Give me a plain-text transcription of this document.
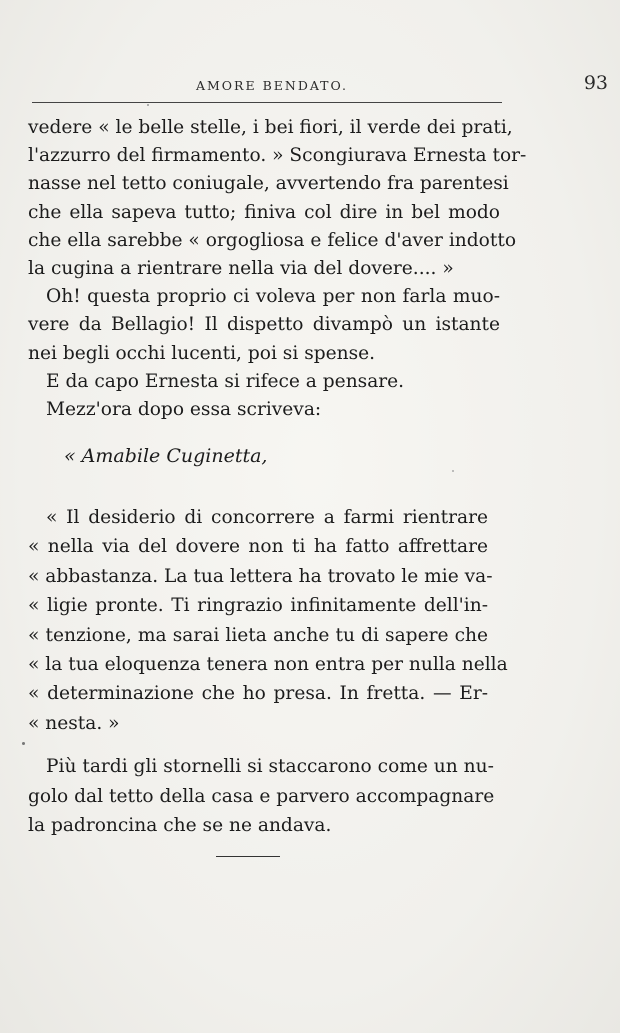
AMORE BENDATO.	93

vedere « le belle stelle, i bei fiori, il verde dei prati,
l'azzurro del firmamento. » Scongiurava Ernesta tor-
nasse nel tetto coniugale, avvertendo fra parentesi
che ella sapeva tutto; finiva col dire in bel modo
che ella sarebbe « orgogliosa e felice d'aver indotto
la cugina a rientrare nella via del dovere.... »

Oh! questa proprio ci voleva per non farla muo-
vere da Bellagio! Il dispetto divampò un istante
nei begli occhi lucenti, poi si spense.

E da capo Ernesta si rifece a pensare.

Mezz'ora dopo essa scriveva:

« Amabile Cuginetta,
« Il desiderio di concorrere a farmi rientrare
« nella via del dovere non ti ha fatto affrettare
« abbastanza. La tua lettera ha trovato le mie va-
« ligie pronte. Ti ringrazio infinitamente dell'in-
« tenzione, ma sarai lieta anche tu di sapere che
« la tua eloquenza tenera non entra per nulla nella
« determinazione che ho presa. In fretta. — Er-
« nesta. »
Più tardi gli stornelli si staccarono come un nu-
golo dal tetto della casa e parvero accompagnare
la padroncina che se ne andava.
